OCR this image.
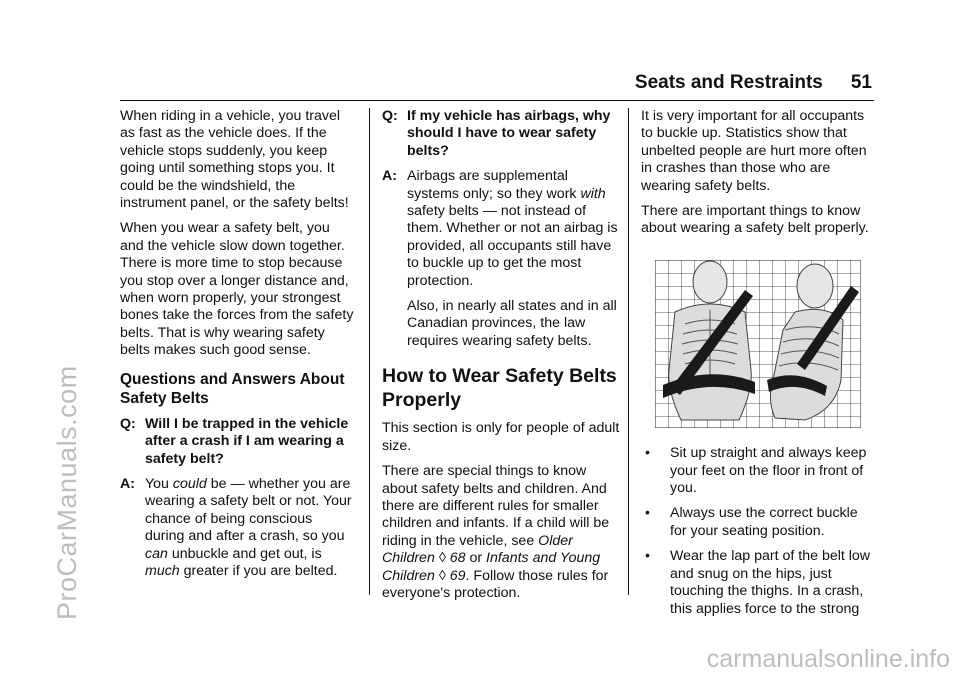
ProCarManuals.com
carmanualsonline.info
Seats and Restraints 51

When riding in a vehicle, you travel as fast as the vehicle does. If the vehicle stops suddenly, you keep going until something stops you. It could be the windshield, the instrument panel, or the safety belts!

When you wear a safety belt, you and the vehicle slow down together. There is more time to stop because you stop over a longer distance and, when worn properly, your strongest bones take the forces from the safety belts. That is why wearing safety belts makes such good sense.

Questions and Answers About Safety Belts
Q: Will I be trapped in the vehicle after a crash if I am wearing a safety belt?
A: You could be — whether you are wearing a safety belt or not. Your chance of being conscious during and after a crash, so you can unbuckle and get out, is much greater if you are belted.
Q: If my vehicle has airbags, why should I have to wear safety belts?
A: Airbags are supplemental systems only; so they work with safety belts — not instead of them. Whether or not an airbag is provided, all occupants still have to buckle up to get the most protection.
Also, in nearly all states and in all Canadian provinces, the law requires wearing safety belts.
How to Wear Safety Belts Properly

This section is only for people of adult size.

There are special things to know about safety belts and children. And there are different rules for smaller children and infants. If a child will be riding in the vehicle, see Older Children ◊ 68 or Infants and Young Children ◊ 69. Follow those rules for everyone's protection.

It is very important for all occupants to buckle up. Statistics show that unbelted people are hurt more often in crashes than those who are wearing safety belts.

There are important things to know about wearing a safety belt properly.

•	Sit up straight and always keep your feet on the floor in front of you.
•	Always use the correct buckle for your seating position.
•	Wear the lap part of the belt low and snug on the hips, just touching the thighs. In a crash, this applies force to the strong
